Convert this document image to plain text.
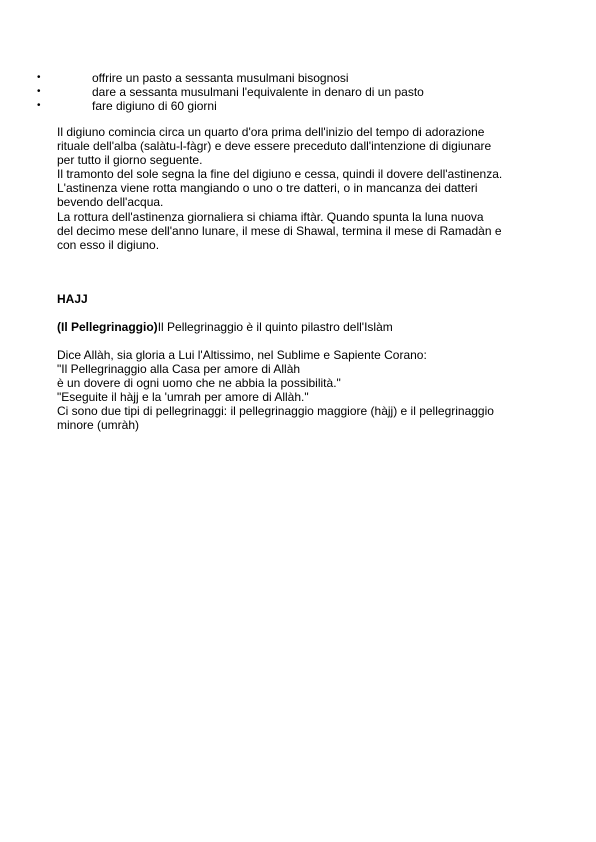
•	offrire un pasto a sessanta musulmani bisognosi
•	dare a sessanta musulmani l'equivalente in denaro di un pasto
•	fare digiuno di 60 giorni

Il digiuno comincia circa un quarto d'ora prima dell'inizio del tempo di adorazione

rituale dell'alba (salàtu-l-fàgr) e deve essere preceduto dall'intenzione di digiunare

per tutto il giorno seguente.

Il tramonto del sole segna la fine del digiuno e cessa, quindi il dovere dell'astinenza.

L'astinenza viene rotta mangiando o uno o tre datteri, o in mancanza dei datteri

bevendo dell'acqua.

La rottura dell'astinenza giornaliera si chiama iftàr. Quando spunta la luna nuova

del decimo mese dell'anno lunare, il mese di Shawal, termina il mese di Ramadàn e

con esso il digiuno.

HAJJ
(Il Pellegrinaggio)Il Pellegrinaggio è il quinto pilastro dell'Islàm

Dice Allàh, sia gloria a Lui l'Altissimo, nel Sublime e Sapiente Corano:

"Il Pellegrinaggio alla Casa per amore di Allàh

è un dovere di ogni uomo che ne abbia la possibilità."

"Eseguite il hàjj e la 'umrah per amore di Allàh."

Ci sono due tipi di pellegrinaggi: il pellegrinaggio maggiore (hàjj) e il pellegrinaggio

minore (umràh)
